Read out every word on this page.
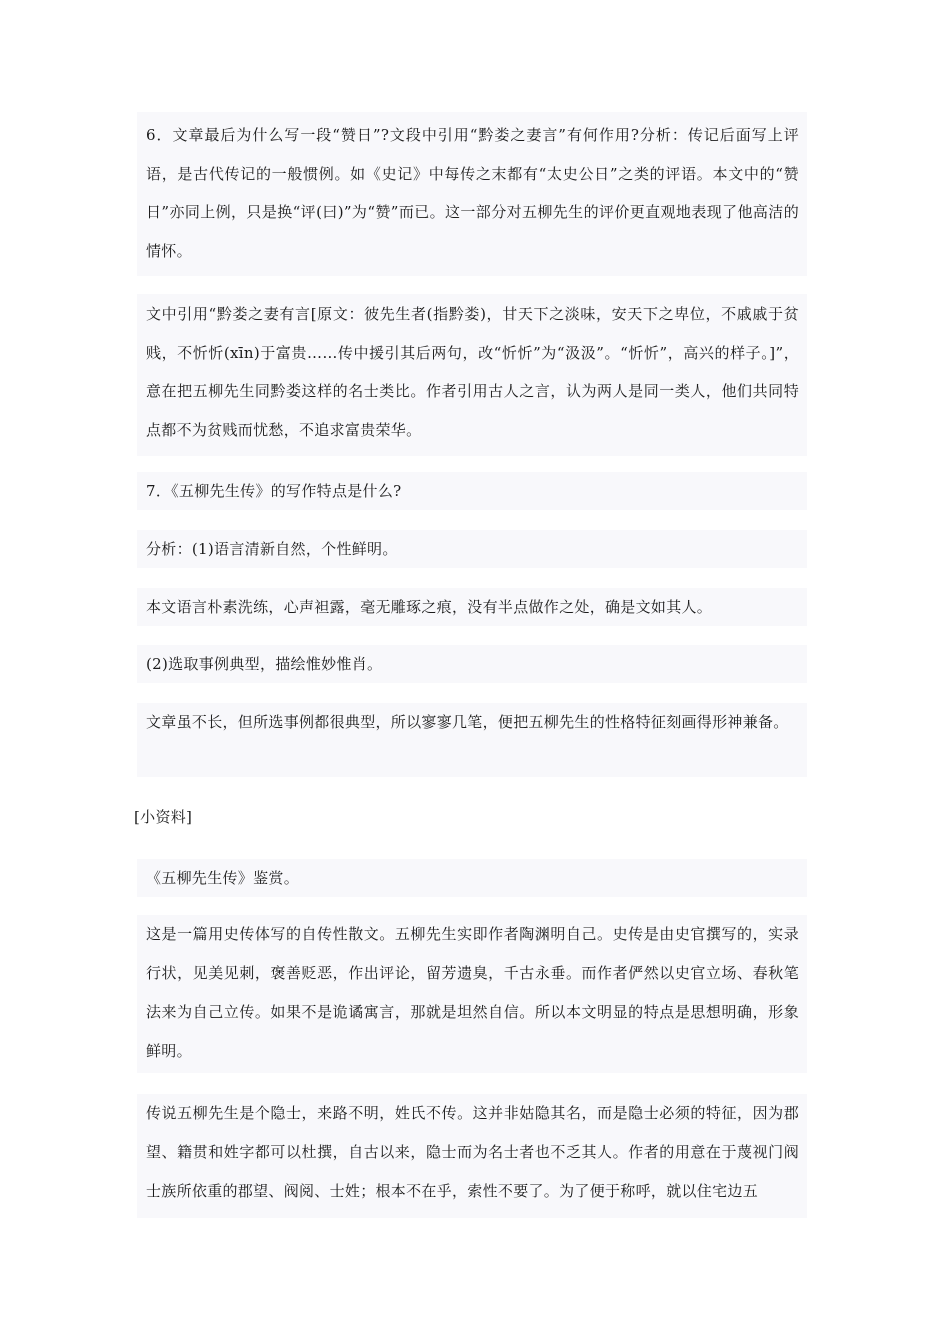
6．文章最后为什么写一段“赞日”?文段中引用“黔娄之妻言”有何作用?分析：传记后面写上评语，是古代传记的一般惯例。如《史记》中每传之末都有“太史公日”之类的评语。本文中的“赞日”亦同上例，只是换“评(曰)”为“赞”而已。这一部分对五柳先生的评价更直观地表现了他高洁的情怀。

文中引用“黔娄之妻有言[原文：彼先生者(指黔娄)，甘天下之淡味，安天下之卑位，不戚戚于贫贱，不忻忻(xīn)于富贵……传中援引其后两句，改“忻忻”为“汲汲”。“忻忻”，高兴的样子。]”，意在把五柳先生同黔娄这样的名士类比。作者引用古人之言，认为两人是同一类人，他们共同特点都不为贫贱而忧愁，不追求富贵荣华。

7．《五柳先生传》的写作特点是什么?

分析：(1)语言清新自然，个性鲜明。

本文语言朴素洗练，心声袒露，毫无雕琢之痕，没有半点做作之处，确是文如其人。

(2)选取事例典型，描绘惟妙惟肖。

文章虽不长，但所选事例都很典型，所以寥寥几笔，便把五柳先生的性格特征刻画得形神兼备。

[小资料]

《五柳先生传》鉴赏。

这是一篇用史传体写的自传性散文。五柳先生实即作者陶渊明自己。史传是由史官撰写的，实录行状，见美见刺，褒善贬恶，作出评论，留芳遗臭，千古永垂。而作者俨然以史官立场、春秋笔法来为自己立传。如果不是诡谲寓言，那就是坦然自信。所以本文明显的特点是思想明确，形象鲜明。

传说五柳先生是个隐士，来路不明，姓氏不传。这并非姑隐其名，而是隐士必须的特征，因为郡望、籍贯和姓字都可以杜撰，自古以来，隐士而为名士者也不乏其人。作者的用意在于蔑视门阀士族所依重的郡望、阀阅、士姓；根本不在乎，索性不要了。为了便于称呼，就以住宅边五
